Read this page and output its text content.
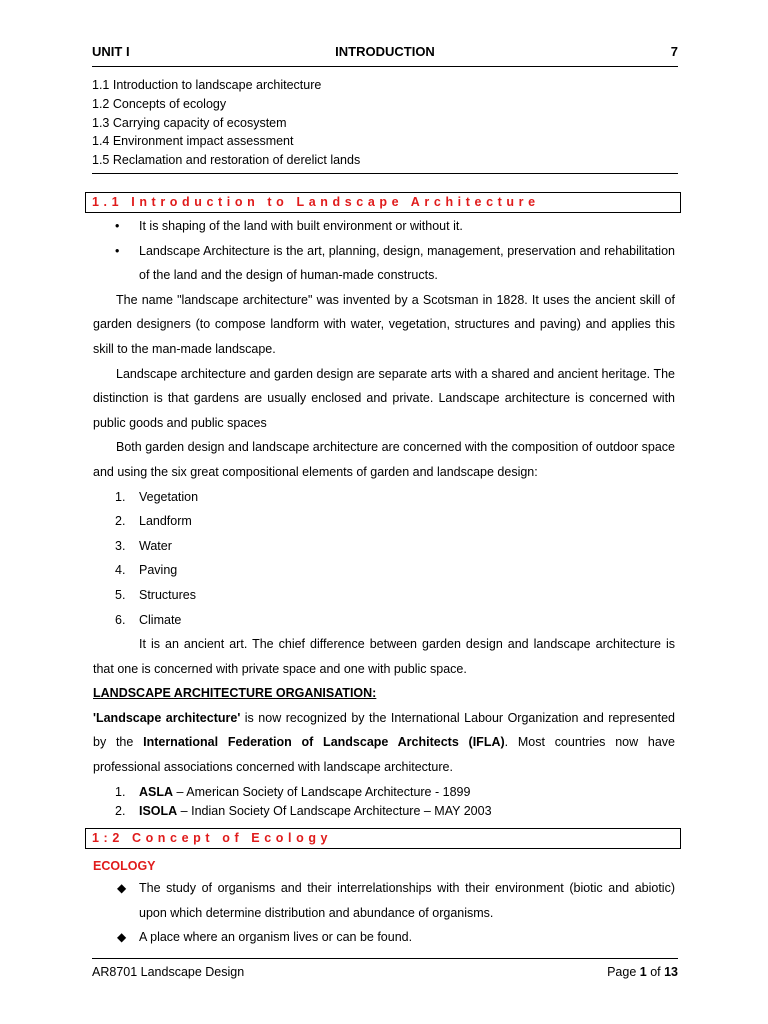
UNIT I	INTRODUCTION	7
1.1 Introduction to landscape architecture
1.2 Concepts of ecology
1.3 Carrying capacity of ecosystem
1.4 Environment impact assessment
1.5 Reclamation and restoration of derelict lands
1.1 Introduction to Landscape Architecture
• It is shaping of the land with built environment or without it.
• Landscape Architecture is the art, planning, design, management, preservation and rehabilitation of the land and the design of human-made constructs.

The name "landscape architecture" was invented by a Scotsman in 1828. It uses the ancient skill of garden designers (to compose landform with water, vegetation, structures and paving) and applies this skill to the man-made landscape.

Landscape architecture and garden design are separate arts with a shared and ancient heritage. The distinction is that gardens are usually enclosed and private. Landscape architecture is concerned with public goods and public spaces

Both garden design and landscape architecture are concerned with the composition of outdoor space and using the six great compositional elements of garden and landscape design:

1. Vegetation
2. Landform
3. Water
4. Paving
5. Structures
6. Climate

It is an ancient art. The chief difference between garden design and landscape architecture is that one is concerned with private space and one with public space.

LANDSCAPE ARCHITECTURE ORGANISATION:

'Landscape architecture' is now recognized by the International Labour Organization and represented by the International Federation of Landscape Architects (IFLA). Most countries now have professional associations concerned with landscape architecture.

1. ASLA – American Society of Landscape Architecture - 1899
2. ISOLA – Indian Society Of Landscape Architecture – MAY 2003
1:2 Concept of Ecology
ECOLOGY
◆ The study of organisms and their interrelationships with their environment (biotic and abiotic) upon which determine distribution and abundance of organisms.
◆ A place where an organism lives or can be found.
AR8701 Landscape Design	Page 1 of 13
